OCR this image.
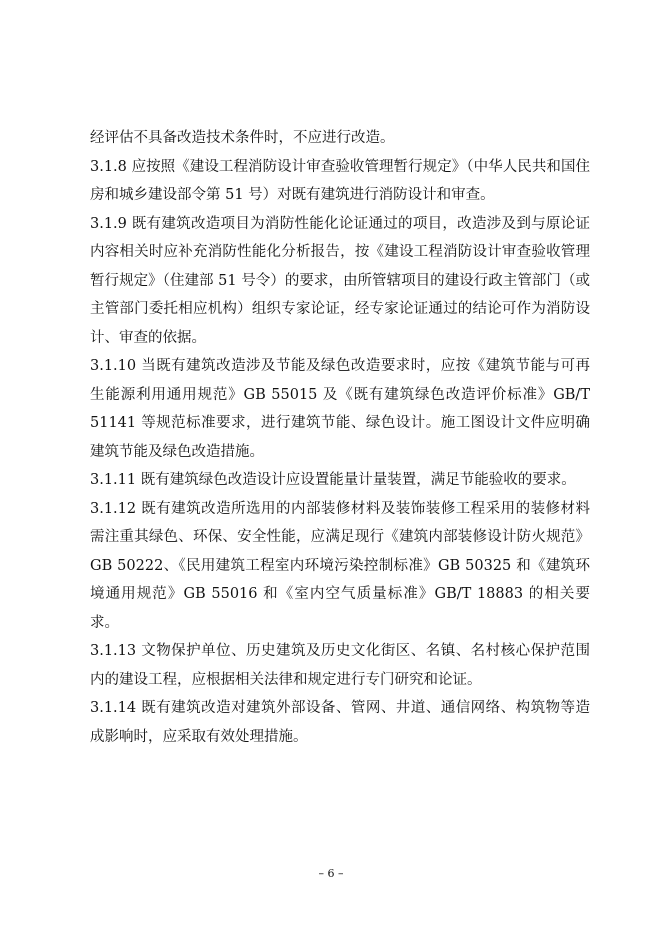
经评估不具备改造技术条件时，不应进行改造。

3.1.8 应按照《建设工程消防设计审查验收管理暂行规定》（中华人民共和国住房和城乡建设部令第 51 号）对既有建筑进行消防设计和审查。

3.1.9 既有建筑改造项目为消防性能化论证通过的项目，改造涉及到与原论证内容相关时应补充消防性能化分析报告，按《建设工程消防设计审查验收管理暂行规定》（住建部 51 号令）的要求，由所管辖项目的建设行政主管部门（或主管部门委托相应机构）组织专家论证，经专家论证通过的结论可作为消防设计、审查的依据。

3.1.10 当既有建筑改造涉及节能及绿色改造要求时，应按《建筑节能与可再生能源利用通用规范》GB 55015 及《既有建筑绿色改造评价标准》GB/T 51141 等规范标准要求，进行建筑节能、绿色设计。施工图设计文件应明确建筑节能及绿色改造措施。

3.1.11 既有建筑绿色改造设计应设置能量计量装置，满足节能验收的要求。

3.1.12 既有建筑改造所选用的内部装修材料及装饰装修工程采用的装修材料需注重其绿色、环保、安全性能，应满足现行《建筑内部装修设计防火规范》GB 50222、《民用建筑工程室内环境污染控制标准》GB 50325 和《建筑环境通用规范》GB 55016 和《室内空气质量标准》GB/T 18883 的相关要求。

3.1.13 文物保护单位、历史建筑及历史文化街区、名镇、名村核心保护范围内的建设工程，应根据相关法律和规定进行专门研究和论证。

3.1.14 既有建筑改造对建筑外部设备、管网、井道、通信网络、构筑物等造成影响时，应采取有效处理措施。

– 6 –
